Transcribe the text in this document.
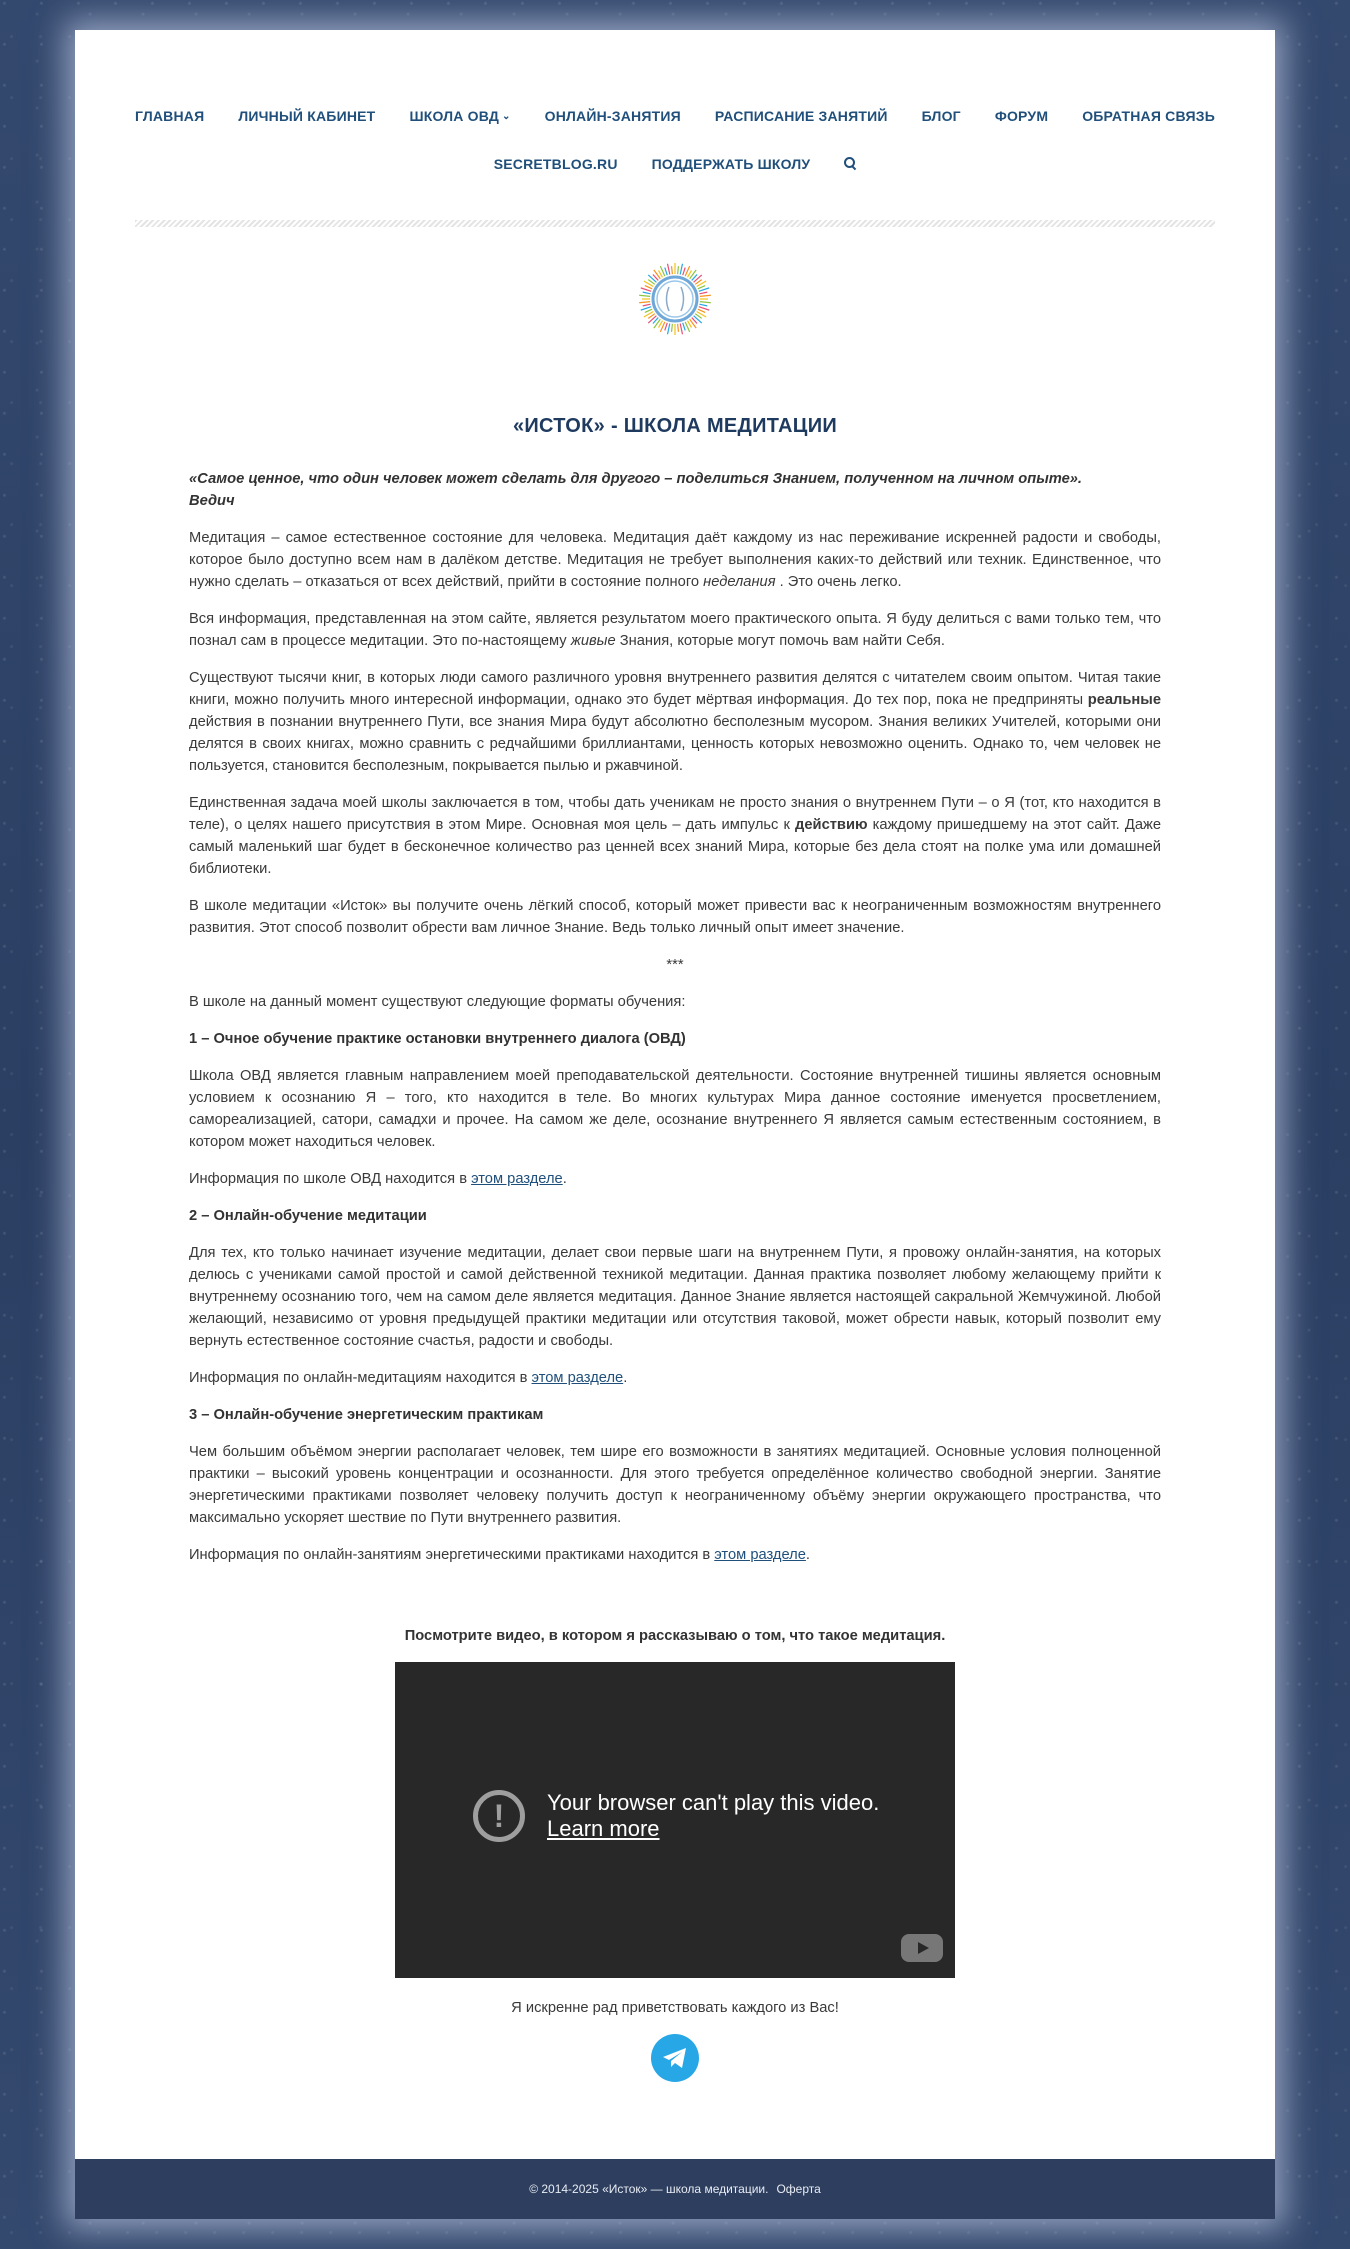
ГЛАВНАЯ	ЛИЧНЫЙ КАБИНЕТ	ШКОЛА ОВД ⌄	ОНЛАЙН-ЗАНЯТИЯ	РАСПИСАНИЕ ЗАНЯТИЙ	БЛОГ	ФОРУМ	ОБРАТНАЯ СВЯЗЬ
SECRETBLOG.RU	ПОДДЕРЖАТЬ ШКОЛУ
«ИСТОК» - ШКОЛА МЕДИТАЦИИ

«Самое ценное, что один человек может сделать для другого – поделиться Знанием, полученном на личном опыте».
Ведич

Медитация – самое естественное состояние для человека. Медитация даёт каждому из нас переживание искренней радости и свободы, которое было доступно всем нам в далёком детстве. Медитация не требует выполнения каких-то действий или техник. Единственное, что нужно сделать – отказаться от всех действий, прийти в состояние полного неделания . Это очень легко.

Вся информация, представленная на этом сайте, является результатом моего практического опыта. Я буду делиться с вами только тем, что познал сам в процессе медитации. Это по-настоящему живые Знания, которые могут помочь вам найти Себя.

Существуют тысячи книг, в которых люди самого различного уровня внутреннего развития делятся с читателем своим опытом. Читая такие книги, можно получить много интересной информации, однако это будет мёртвая информация. До тех пор, пока не предприняты реальные действия в познании внутреннего Пути, все знания Мира будут абсолютно бесполезным мусором. Знания великих Учителей, которыми они делятся в своих книгах, можно сравнить с редчайшими бриллиантами, ценность которых невозможно оценить. Однако то, чем человек не пользуется, становится бесполезным, покрывается пылью и ржавчиной.

Единственная задача моей школы заключается в том, чтобы дать ученикам не просто знания о внутреннем Пути – о Я (тот, кто находится в теле), о целях нашего присутствия в этом Мире. Основная моя цель – дать импульс к действию каждому пришедшему на этот сайт. Даже самый маленький шаг будет в бесконечное количество раз ценней всех знаний Мира, которые без дела стоят на полке ума или домашней библиотеки.

В школе медитации «Исток» вы получите очень лёгкий способ, который может привести вас к неограниченным возможностям внутреннего развития. Этот способ позволит обрести вам личное Знание. Ведь только личный опыт имеет значение.

***

В школе на данный момент существуют следующие форматы обучения:

1 – Очное обучение практике остановки внутреннего диалога (ОВД)

Школа ОВД является главным направлением моей преподавательской деятельности. Состояние внутренней тишины является основным условием к осознанию Я – того, кто находится в теле. Во многих культурах Мира данное состояние именуется просветлением, самореализацией, сатори, самадхи и прочее. На самом же деле, осознание внутреннего Я является самым естественным состоянием, в котором может находиться человек.

Информация по школе ОВД находится в этом разделе.

2 – Онлайн-обучение медитации

Для тех, кто только начинает изучение медитации, делает свои первые шаги на внутреннем Пути, я провожу онлайн-занятия, на которых делюсь с учениками самой простой и самой действенной техникой медитации. Данная практика позволяет любому желающему прийти к внутреннему осознанию того, чем на самом деле является медитация. Данное Знание является настоящей сакральной Жемчужиной. Любой желающий, независимо от уровня предыдущей практики медитации или отсутствия таковой, может обрести навык, который позволит ему вернуть естественное состояние счастья, радости и свободы.

Информация по онлайн-медитациям находится в этом разделе.

3 – Онлайн-обучение энергетическим практикам

Чем большим объёмом энергии располагает человек, тем шире его возможности в занятиях медитацией. Основные условия полноценной практики – высокий уровень концентрации и осознанности. Для этого требуется определённое количество свободной энергии. Занятие энергетическими практиками позволяет человеку получить доступ к неограниченному объёму энергии окружающего пространства, что максимально ускоряет шествие по Пути внутреннего развития.

Информация по онлайн-занятиям энергетическими практиками находится в этом разделе.

Посмотрите видео, в котором я рассказываю о том, что такое медитация.
!	Your browser can't play this video.
Learn more
Я искренне рад приветствовать каждого из Вас!
© 2014-2025 «Исток» — школа медитации. Оферта
